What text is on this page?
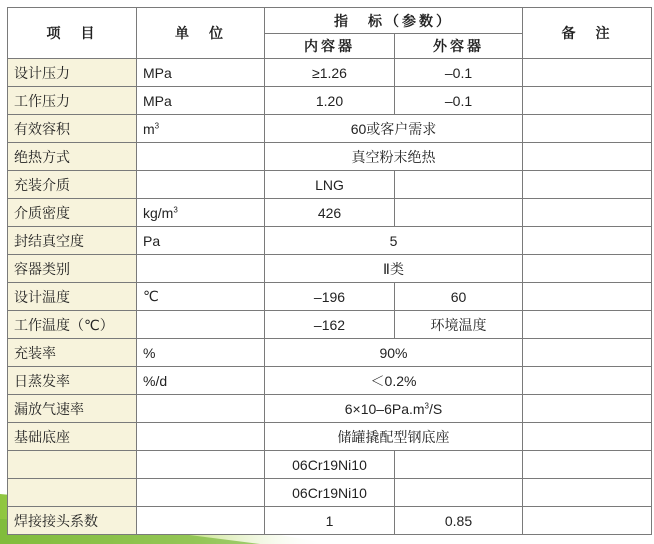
项　目	单　位	指　标（参数）		备　注
		内容器	外容器	
设计压力	MPa	≥1.26	–0.1	
工作压力	MPa	1.20	–0.1	
有效容积	$m^3$	60或客户需求		
绝热方式		真空粉末绝热		
充装介质		LNG		
介质密度	$kg/m^3$	426		
封结真空度	Pa	5		
容器类别		Ⅱ类		
设计温度	℃	–196	60	
工作温度（℃）		–162	环境温度	
充装率	%	90%		
日蒸发率	%/d	＜0.2%		
漏放气速率		$6\times 10-6Pa.m^3/S$		
基础底座		储罐撬配型钢底座		
		06Cr19Ni10		
		06Cr19Ni10		
焊接接头系数		1	0.85	
